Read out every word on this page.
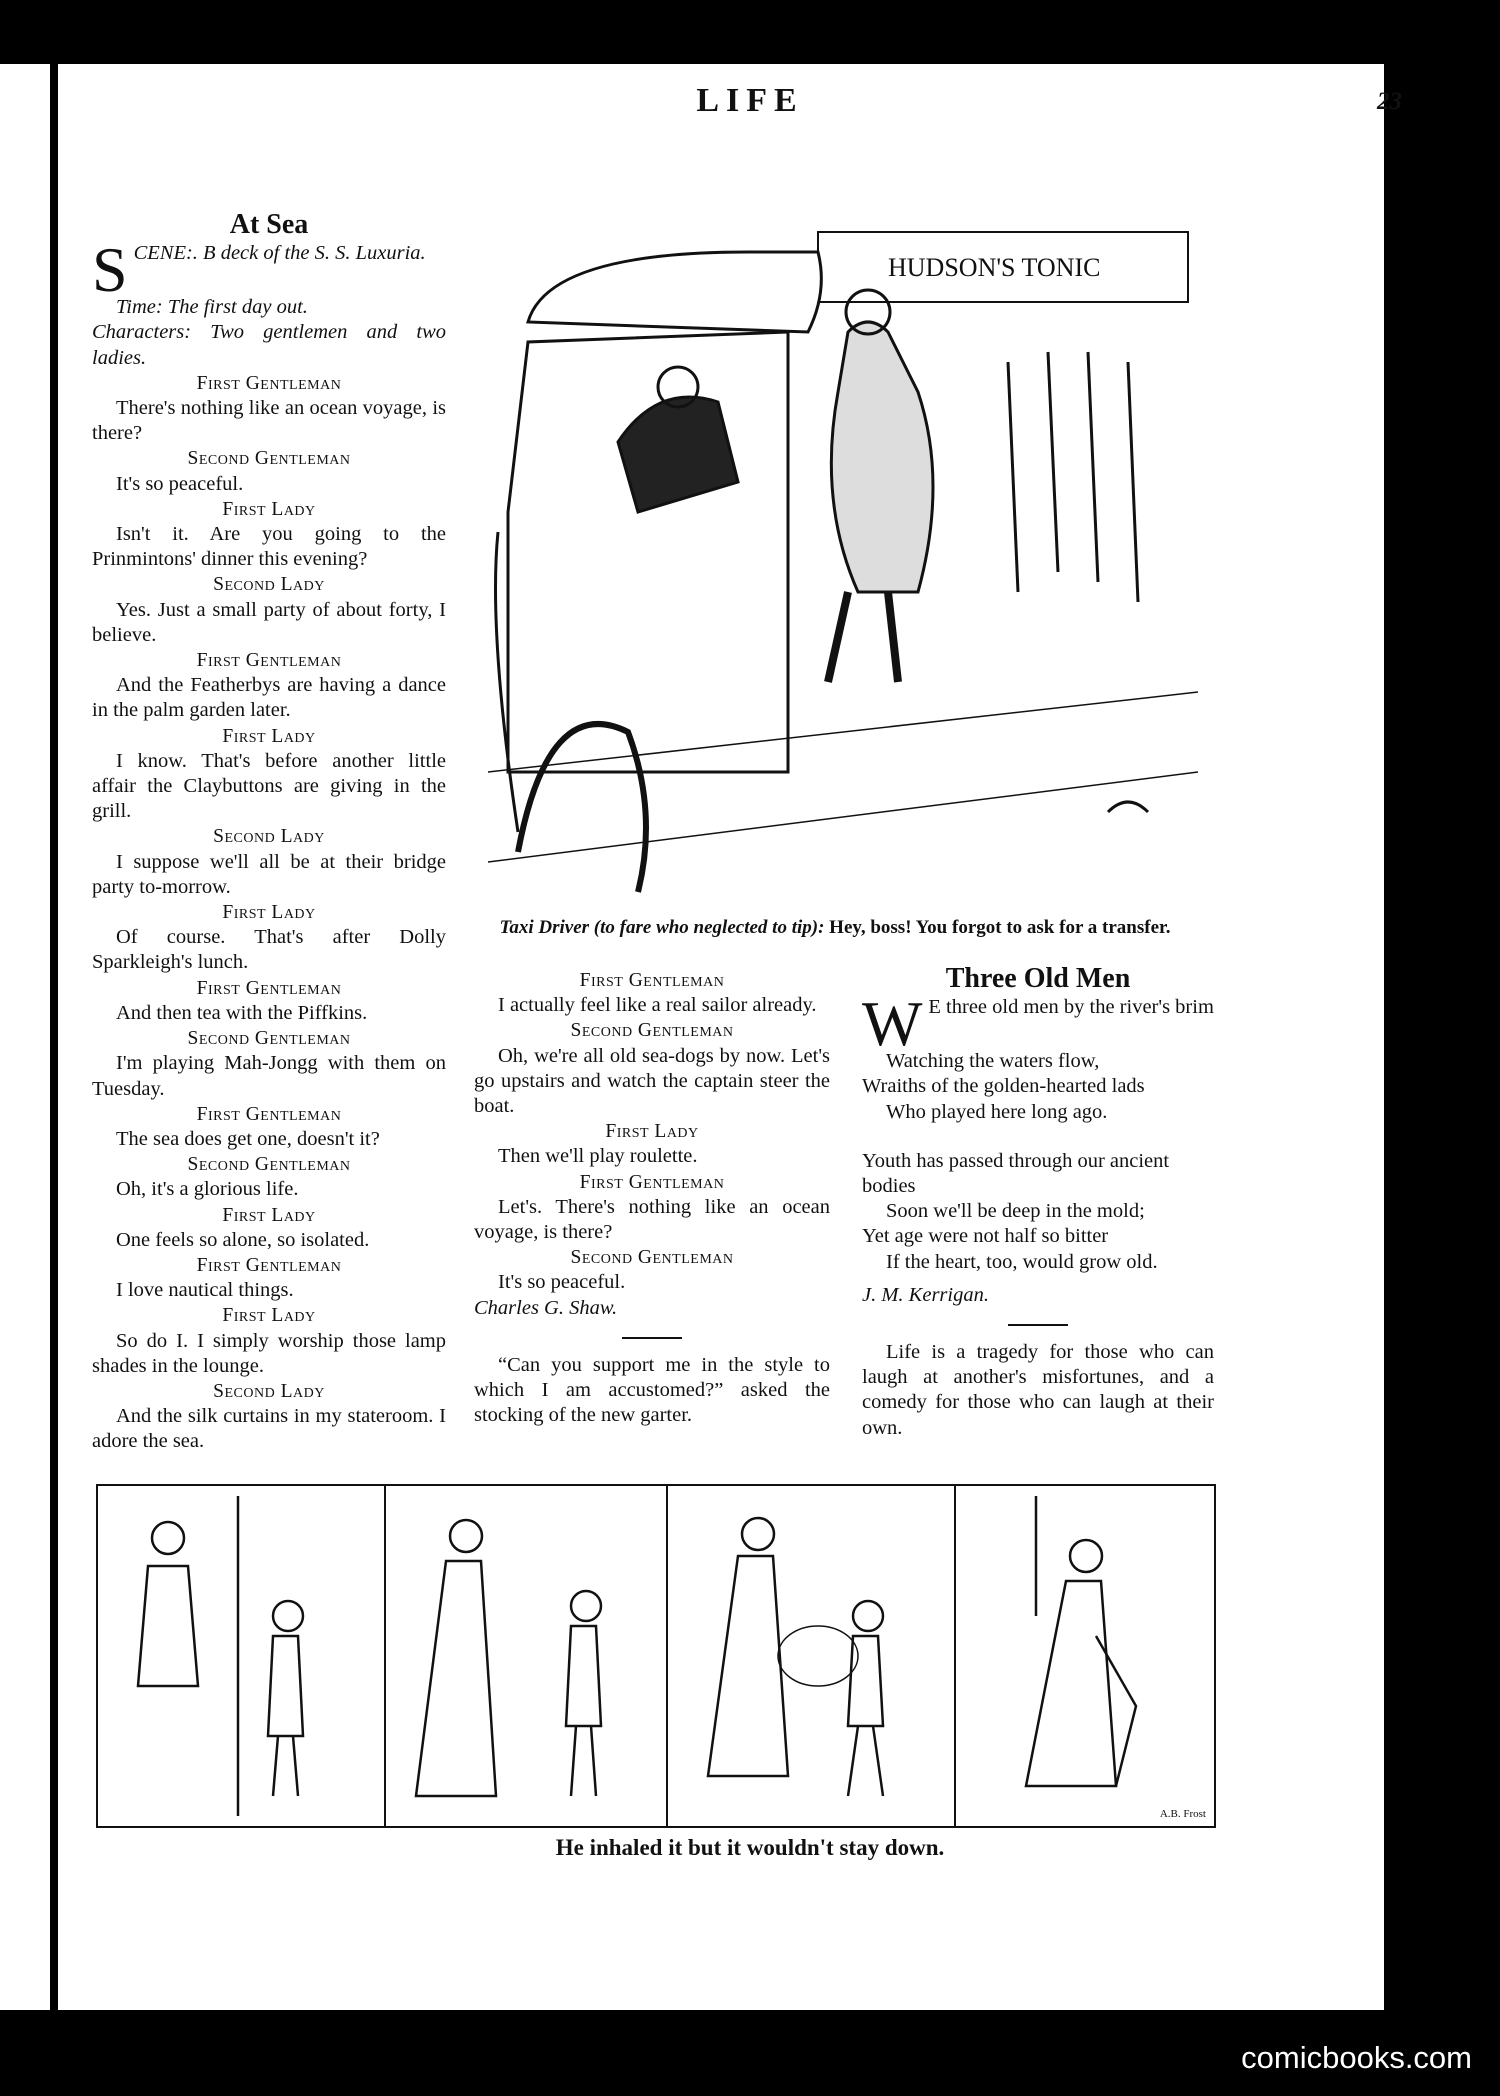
LIFE	23
At Sea

SCENE:. B deck of the S. S. Luxuria.

Time: The first day out.

Characters: Two gentlemen and two ladies.

First Gentleman

There's nothing like an ocean voyage, is there?

Second Gentleman

It's so peaceful.

First Lady

Isn't it. Are you going to the Prinmintons' dinner this evening?

Second Lady

Yes. Just a small party of about forty, I believe.

First Gentleman

And the Featherbys are having a dance in the palm garden later.

First Lady

I know. That's before another little affair the Claybuttons are giving in the grill.

Second Lady

I suppose we'll all be at their bridge party to-morrow.

First Lady

Of course. That's after Dolly Sparkleigh's lunch.

First Gentleman

And then tea with the Piffkins.

Second Gentleman

I'm playing Mah-Jongg with them on Tuesday.

First Gentleman

The sea does get one, doesn't it?

Second Gentleman

Oh, it's a glorious life.

First Lady

One feels so alone, so isolated.

First Gentleman

I love nautical things.

First Lady

So do I. I simply worship those lamp shades in the lounge.

Second Lady

And the silk curtains in my stateroom. I adore the sea.

HUDSON'S TONIC
Taxi Driver (to fare who neglected to tip): Hey, boss! You forgot to ask for a transfer.
First Gentleman

I actually feel like a real sailor already.

Second Gentleman

Oh, we're all old sea-dogs by now. Let's go upstairs and watch the captain steer the boat.

First Lady

Then we'll play roulette.

First Gentleman

Let's. There's nothing like an ocean voyage, is there?

Second Gentleman

It's so peaceful.

Charles G. Shaw.

“Can you support me in the style to which I am accustomed?” asked the stocking of the new garter.

Three Old Men
W E three old men by the river's brim
Watching the waters flow,
Wraiths of the golden-hearted lads
Who played here long ago.
Youth has passed through our ancient bodies
Soon we'll be deep in the mold;
Yet age were not half so bitter
If the heart, too, would grow old.

J. M. Kerrigan.

Life is a tragedy for those who can laugh at another's misfortunes, and a comedy for those who can laugh at their own.

A.B. Frost
He inhaled it but it wouldn't stay down.
comicbooks.com
